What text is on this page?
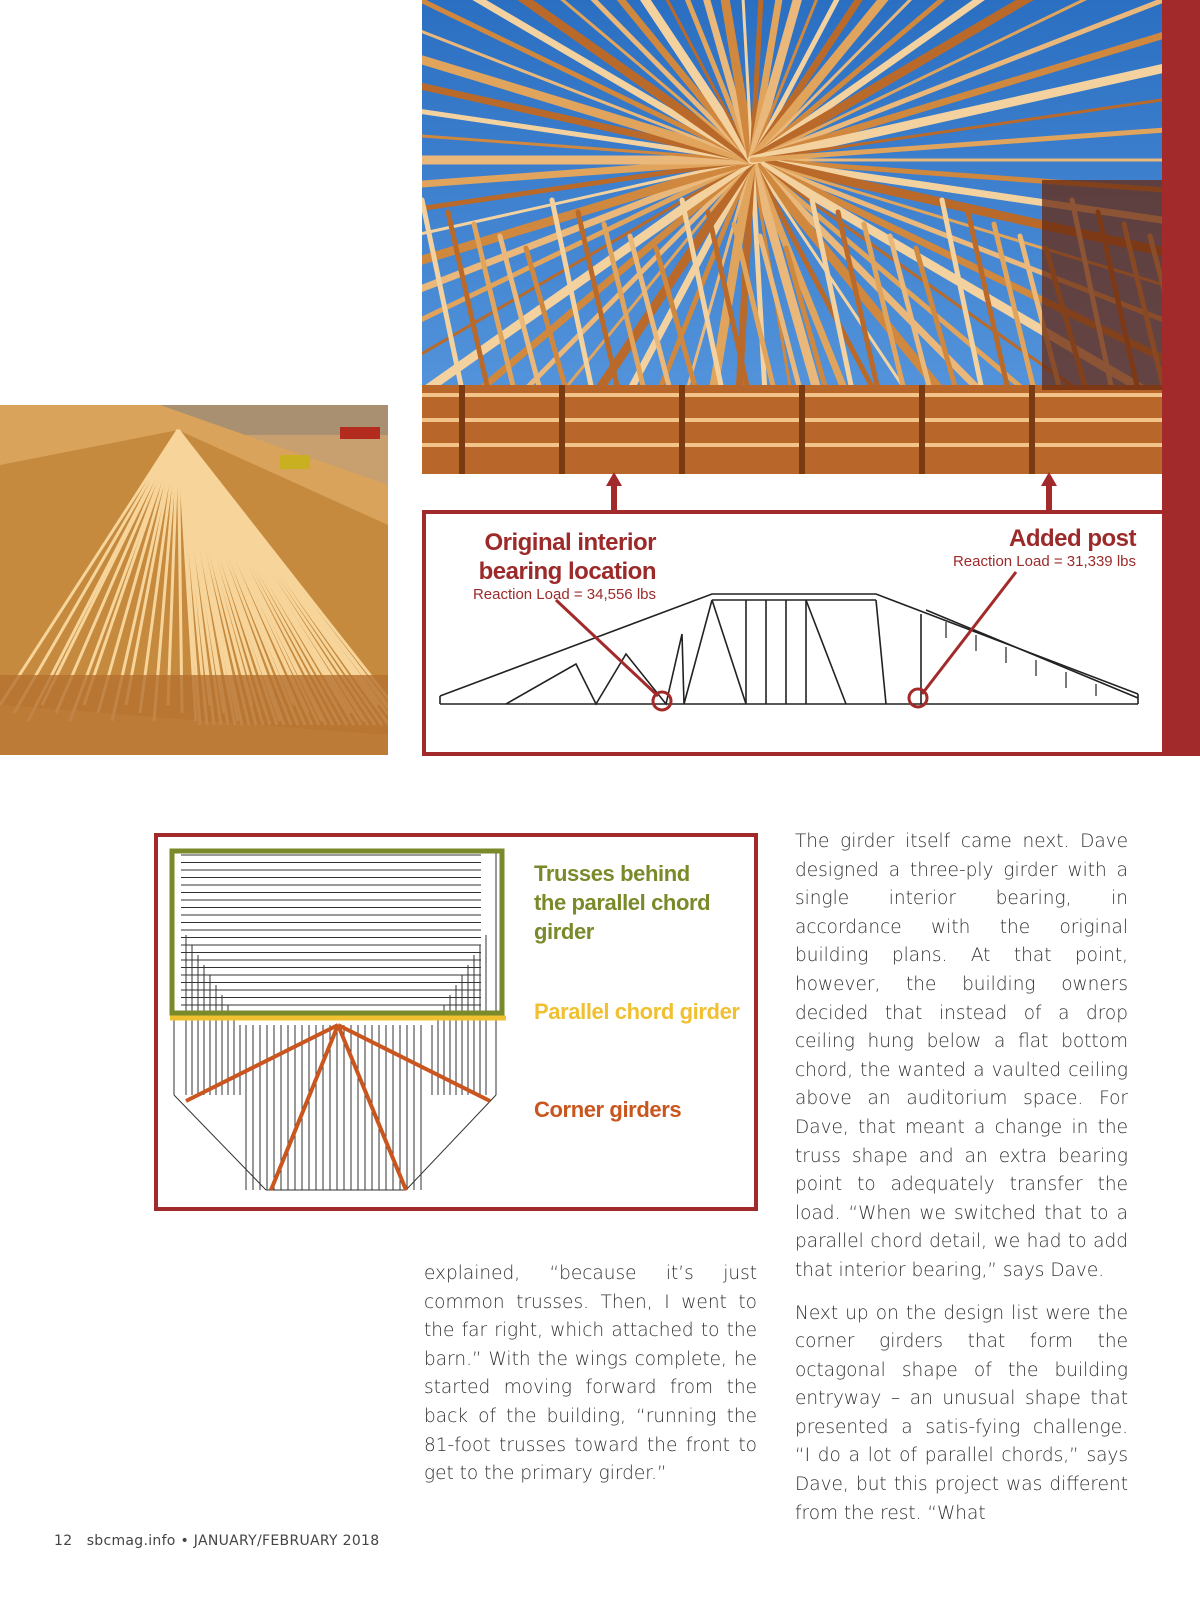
Original interior
bearing location
Reaction Load = 34,556 lbs
Added post
Reaction Load = 31,339 lbs
Trusses behind the parallel chord girder
Parallel chord girder
Corner girders

explained, “because it’s just common trusses. Then, I went to the far right, which attached to the barn.” With the wings complete, he started moving forward from the back of the building, “running the 81-foot trusses toward the front to get to the primary girder.”

The girder itself came next. Dave designed a three-ply girder with a single interior bearing, in accordance with the original building plans. At that point, however, the building owners decided that instead of a drop ceiling hung below a flat bottom chord, the wanted a vaulted ceiling above an auditorium space. For Dave, that meant a change in the truss shape and an extra bearing point to adequately transfer the load. “When we switched that to a parallel chord detail, we had to add that interior bearing,” says Dave.

Next up on the design list were the corner girders that form the octagonal shape of the building entryway – an unusual shape that presented a satis-fying challenge. “I do a lot of parallel chords,” says Dave, but this project was different from the rest. “What

12 sbcmag.info • JANUARY/FEBRUARY 2018
